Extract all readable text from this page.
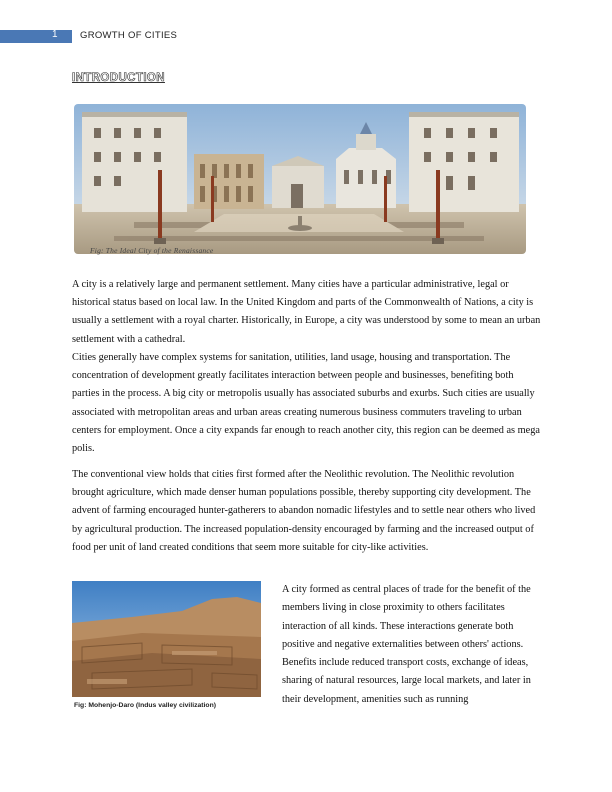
1 GROWTH OF CITIES
INTRODUCTION
Fig: The Ideal City of the Renaissance

A city is a relatively large and permanent settlement. Many cities have a particular administrative, legal or historical status based on local law. In the United Kingdom and parts of the Commonwealth of Nations, a city is usually a settlement with a royal charter. Historically, in Europe, a city was understood by some to mean an urban settlement with a cathedral.

Cities generally have complex systems for sanitation, utilities, land usage, housing and transportation. The concentration of development greatly facilitates interaction between people and businesses, benefiting both parties in the process. A big city or metropolis usually has associated suburbs and exurbs. Such cities are usually associated with metropolitan areas and urban areas creating numerous business commuters traveling to urban centers for employment. Once a city expands far enough to reach another city, this region can be deemed as mega polis.

The conventional view holds that cities first formed after the Neolithic revolution. The Neolithic revolution brought agriculture, which made denser human populations possible, thereby supporting city development. The advent of farming encouraged hunter-gatherers to abandon nomadic lifestyles and to settle near others who lived by agricultural production. The increased population-density encouraged by farming and the increased output of food per unit of land created conditions that seem more suitable for city-like activities.

Fig: Mohenjo-Daro (Indus valley civilization)

A city formed as central places of trade for the benefit of the members living in close proximity to others facilitates interaction of all kinds. These interactions generate both positive and negative externalities between others' actions. Benefits include reduced transport costs, exchange of ideas, sharing of natural resources, large local markets, and later in their development, amenities such as running
